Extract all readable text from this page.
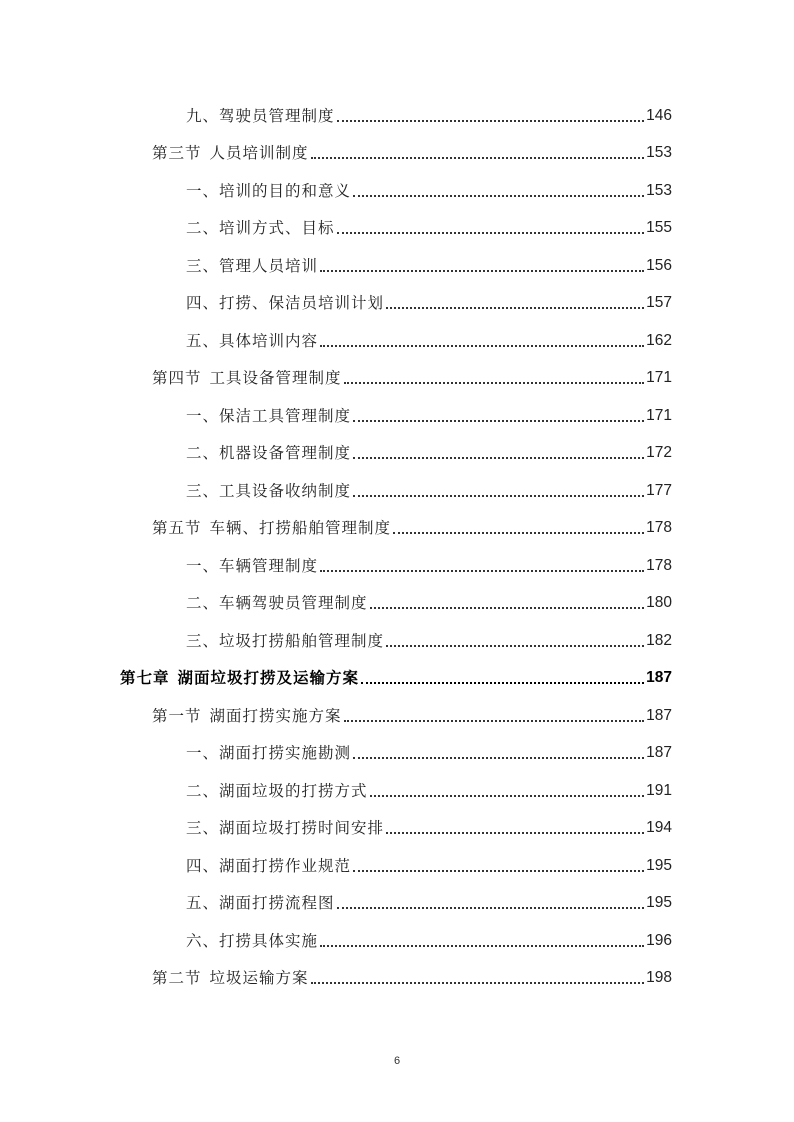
九、驾驶员管理制度	146
第三节 人员培训制度	153
一、培训的目的和意义	153
二、培训方式、目标	155
三、管理人员培训	156
四、打捞、保洁员培训计划	157
五、具体培训内容	162
第四节 工具设备管理制度	171
一、保洁工具管理制度	171
二、机器设备管理制度	172
三、工具设备收纳制度	177
第五节 车辆、打捞船舶管理制度	178
一、车辆管理制度	178
二、车辆驾驶员管理制度	180
三、垃圾打捞船舶管理制度	182
第七章 湖面垃圾打捞及运输方案	187
第一节 湖面打捞实施方案	187
一、湖面打捞实施勘测	187
二、湖面垃圾的打捞方式	191
三、湖面垃圾打捞时间安排	194
四、湖面打捞作业规范	195
五、湖面打捞流程图	195
六、打捞具体实施	196
第二节 垃圾运输方案	198
6
